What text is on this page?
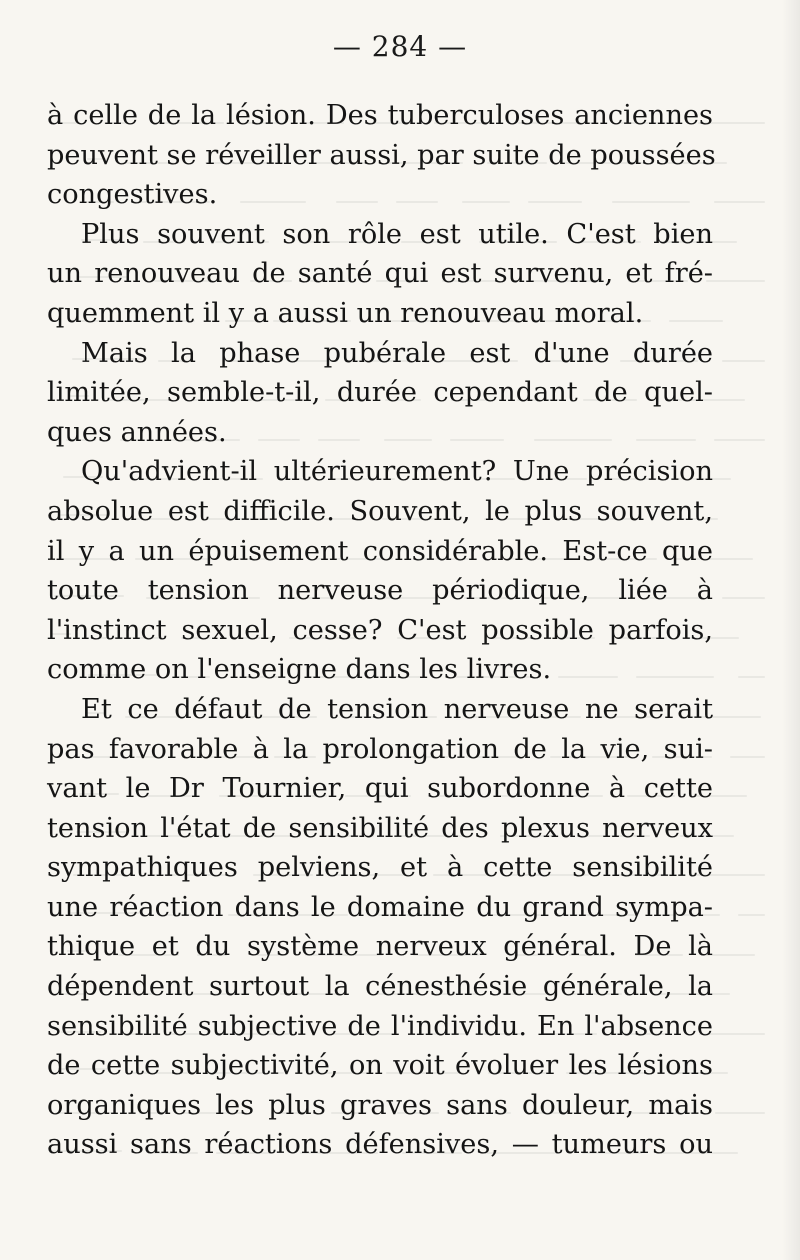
— 284 —
à celle de la lésion. Des tuberculoses anciennes
peuvent se réveiller aussi, par suite de poussées
congestives.
Plus souvent son rôle est utile. C'est bien
un renouveau de santé qui est survenu, et fré-
quemment il y a aussi un renouveau moral.
Mais la phase pubérale est d'une durée
limitée, semble-t-il, durée cependant de quel-
ques années.
Qu'advient-il ultérieurement? Une précision
absolue est difficile. Souvent, le plus souvent,
il y a un épuisement considérable. Est-ce que
toute tension nerveuse périodique, liée à
l'instinct sexuel, cesse? C'est possible parfois,
comme on l'enseigne dans les livres.
Et ce défaut de tension nerveuse ne serait
pas favorable à la prolongation de la vie, sui-
vant le Dr Tournier, qui subordonne à cette
tension l'état de sensibilité des plexus nerveux
sympathiques pelviens, et à cette sensibilité
une réaction dans le domaine du grand sympa-
thique et du système nerveux général. De là
dépendent surtout la cénesthésie générale, la
sensibilité subjective de l'individu. En l'absence
de cette subjectivité, on voit évoluer les lésions
organiques les plus graves sans douleur, mais
aussi sans réactions défensives, — tumeurs ou
